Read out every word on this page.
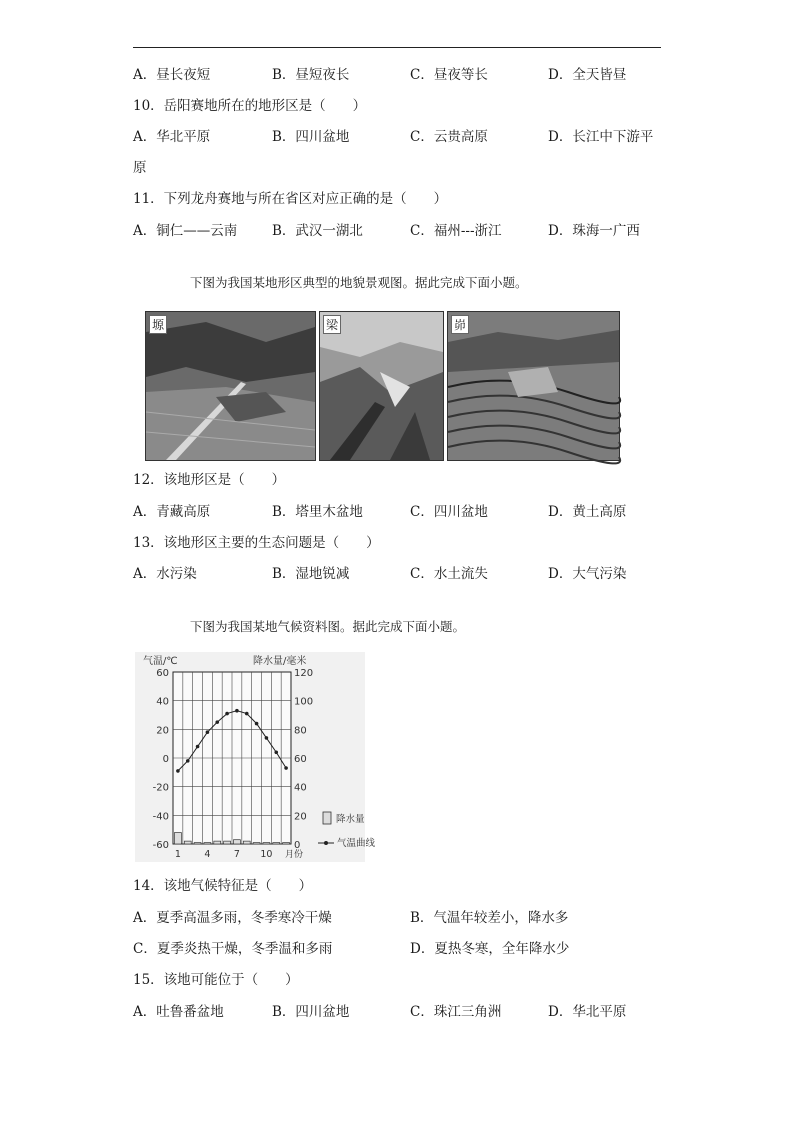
A．昼长夜短	B．昼短夜长	C．昼夜等长	D．全天皆昼
10．岳阳赛地所在的地形区是（　　）
A．华北平原	B．四川盆地	C．云贵高原	D．长江中下游平
原
11．下列龙舟赛地与所在省区对应正确的是（　　）
A．铜仁——云南	B．武汉一湖北	C．福州---浙江	D．珠海一广西
下图为我国某地形区典型的地貌景观图。据此完成下面小题。
塬	梁	峁
12．该地形区是（　　）
A．青藏高原	B．塔里木盆地	C．四川盆地	D．黄土高原
13．该地形区主要的生态问题是（　　）
A．水污染	B．湿地锐减	C．水土流失	D．大气污染
下图为我国某地气候资料图。据此完成下面小题。
气温/℃	降水量/毫米
60
40
20
0
-20
-40
-60
120
100
80
60
40
20
0
1 4 7 10 月份
降水量
气温曲线
14．该地气候特征是（　　）
A．夏季高温多雨，冬季寒冷干燥	B．气温年较差小，降水多
C．夏季炎热干燥，冬季温和多雨	D．夏热冬寒，全年降水少
15．该地可能位于（　　）
A．吐鲁番盆地	B．四川盆地	C．珠江三角洲	D．华北平原
